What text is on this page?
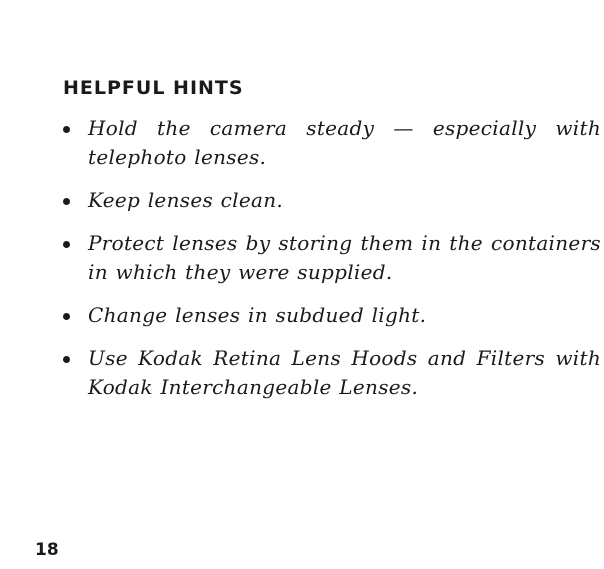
HELPFUL HINTS
Hold the camera steady — especially with telephoto lenses.
Keep lenses clean.
Protect lenses by storing them in the containers in which they were supplied.
Change lenses in subdued light.
Use Kodak Retina Lens Hoods and Filters with Kodak Interchangeable Lenses.
18
